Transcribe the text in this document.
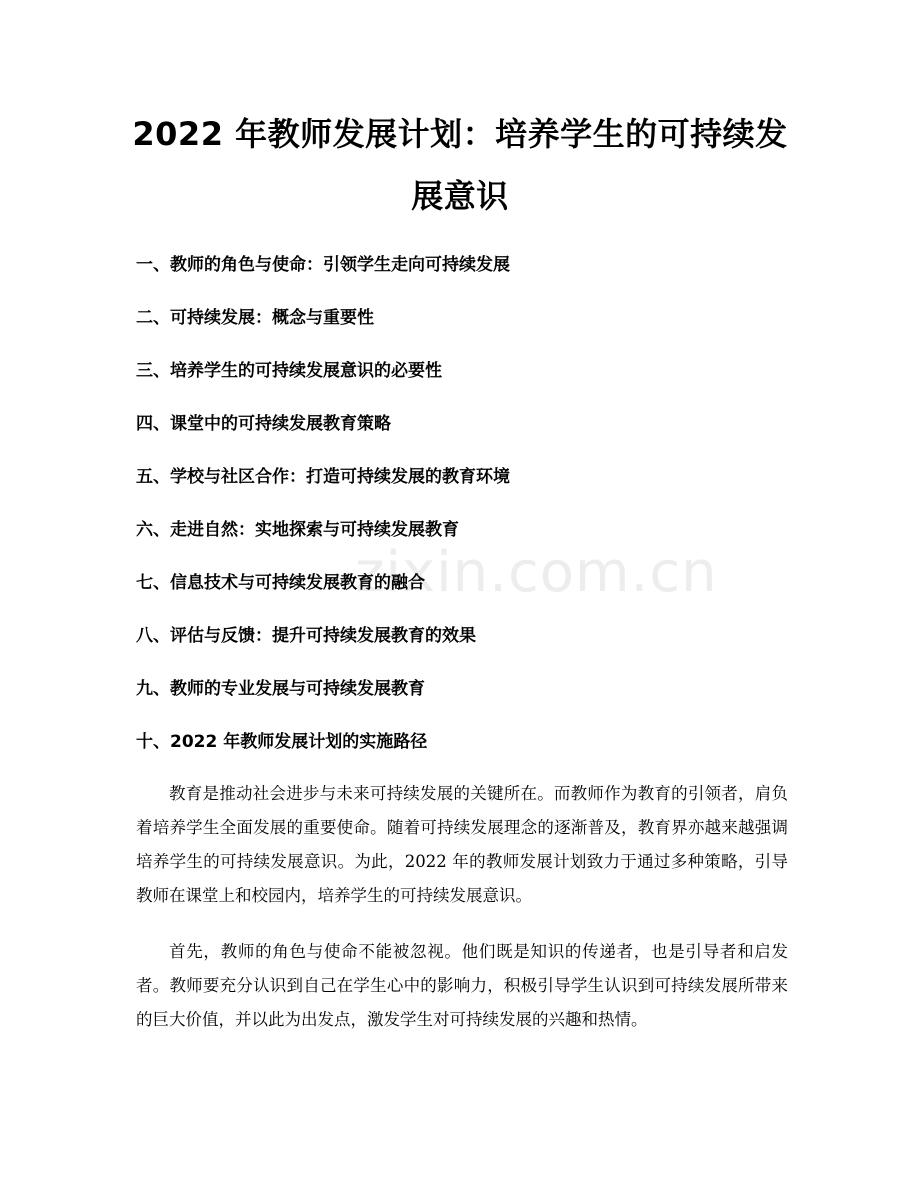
zixin.com.cn
2022 年教师发展计划：培养学生的可持续发展意识
一、教师的角色与使命：引领学生走向可持续发展
二、可持续发展：概念与重要性
三、培养学生的可持续发展意识的必要性
四、课堂中的可持续发展教育策略
五、学校与社区合作：打造可持续发展的教育环境
六、走进自然：实地探索与可持续发展教育
七、信息技术与可持续发展教育的融合
八、评估与反馈：提升可持续发展教育的效果
九、教师的专业发展与可持续发展教育
十、2022 年教师发展计划的实施路径

教育是推动社会进步与未来可持续发展的关键所在。而教师作为教育的引领者，肩负着培养学生全面发展的重要使命。随着可持续发展理念的逐渐普及，教育界亦越来越强调培养学生的可持续发展意识。为此，2022 年的教师发展计划致力于通过多种策略，引导教师在课堂上和校园内，培养学生的可持续发展意识。

首先，教师的角色与使命不能被忽视。他们既是知识的传递者，也是引导者和启发者。教师要充分认识到自己在学生心中的影响力，积极引导学生认识到可持续发展所带来的巨大价值，并以此为出发点，激发学生对可持续发展的兴趣和热情。
